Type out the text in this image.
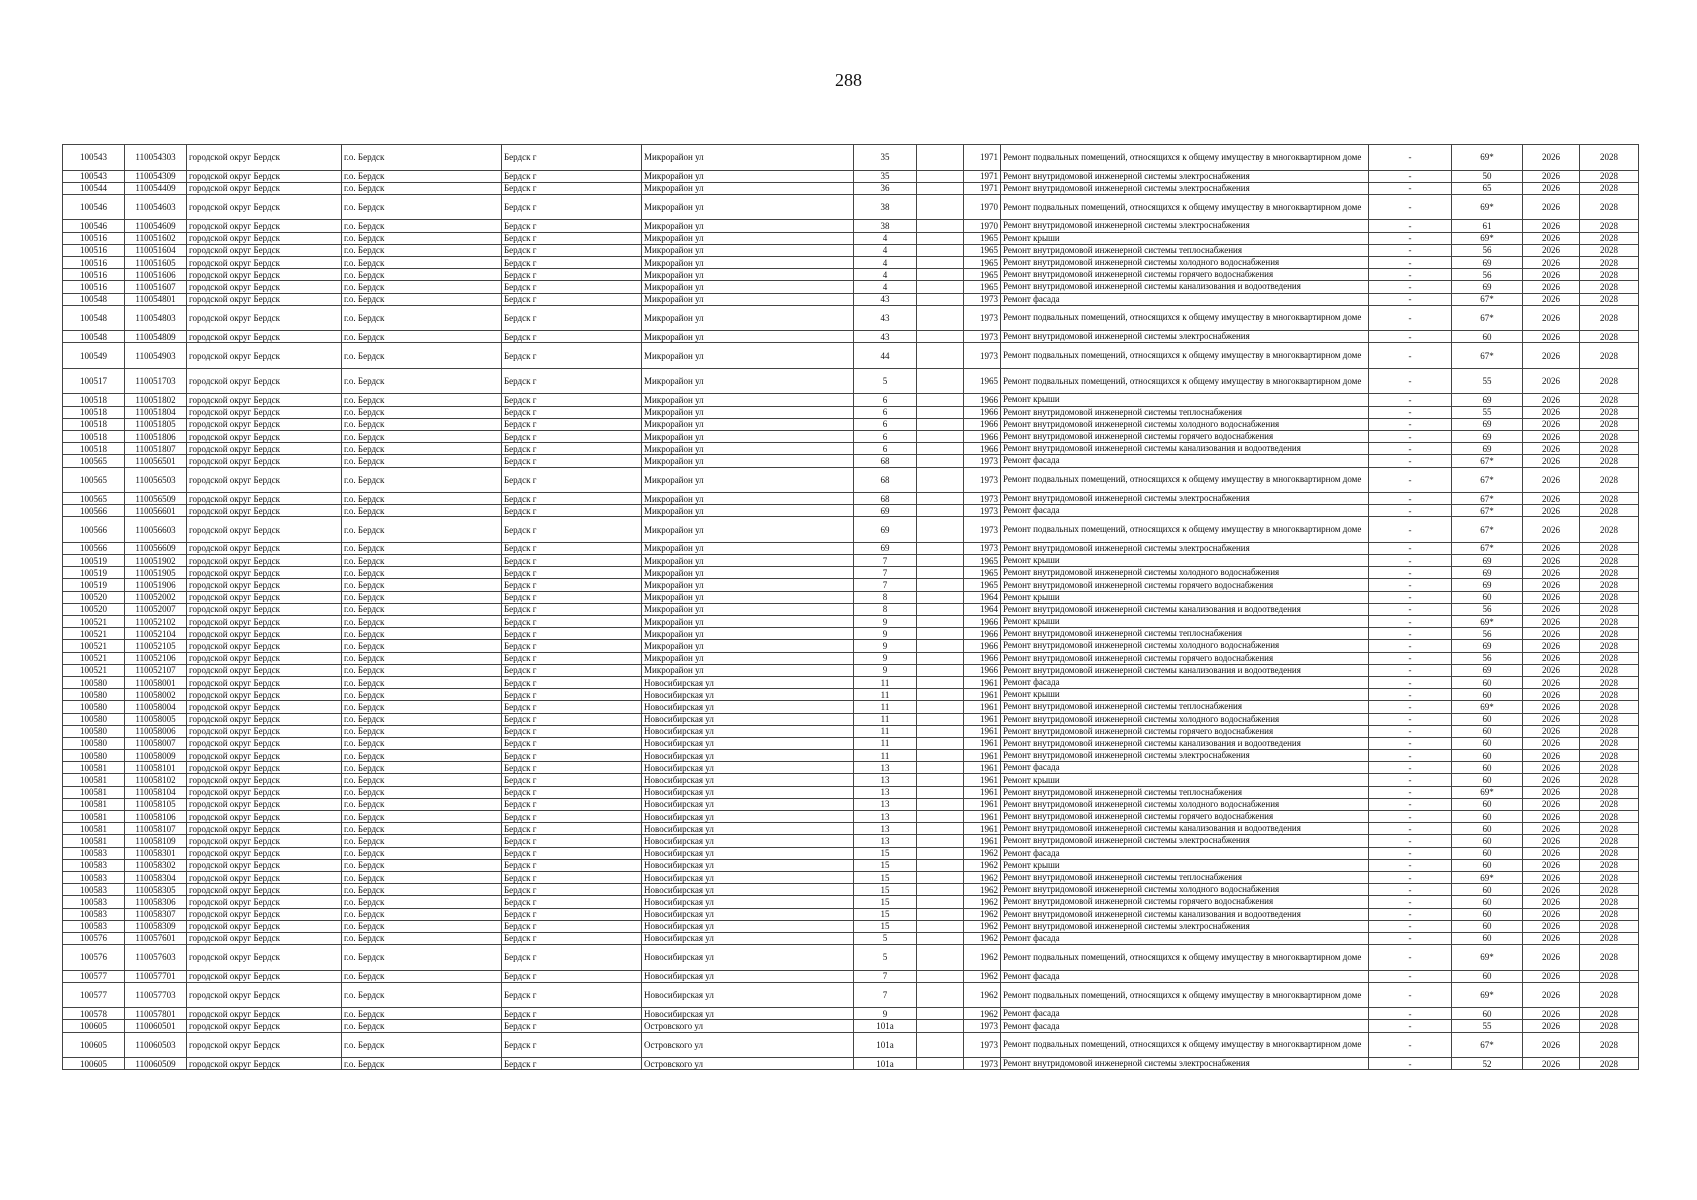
288
100543	110054303	городской округ Бердск	г.о. Бердск	Бердск г	Микрорайон ул	35		1971	Ремонт подвальных помещений, относящихся к общему имуществу в многоквартирном доме	-	69*	2026	2028
100543	110054309	городской округ Бердск	г.о. Бердск	Бердск г	Микрорайон ул	35		1971	Ремонт внутридомовой инженерной системы электроснабжения	-	50	2026	2028
100544	110054409	городской округ Бердск	г.о. Бердск	Бердск г	Микрорайон ул	36		1971	Ремонт внутридомовой инженерной системы электроснабжения	-	65	2026	2028
100546	110054603	городской округ Бердск	г.о. Бердск	Бердск г	Микрорайон ул	38		1970	Ремонт подвальных помещений, относящихся к общему имуществу в многоквартирном доме	-	69*	2026	2028
100546	110054609	городской округ Бердск	г.о. Бердск	Бердск г	Микрорайон ул	38		1970	Ремонт внутридомовой инженерной системы электроснабжения	-	61	2026	2028
100516	110051602	городской округ Бердск	г.о. Бердск	Бердск г	Микрорайон ул	4		1965	Ремонт крыши	-	69*	2026	2028
100516	110051604	городской округ Бердск	г.о. Бердск	Бердск г	Микрорайон ул	4		1965	Ремонт внутридомовой инженерной системы теплоснабжения	-	56	2026	2028
100516	110051605	городской округ Бердск	г.о. Бердск	Бердск г	Микрорайон ул	4		1965	Ремонт внутридомовой инженерной системы холодного водоснабжения	-	69	2026	2028
100516	110051606	городской округ Бердск	г.о. Бердск	Бердск г	Микрорайон ул	4		1965	Ремонт внутридомовой инженерной системы горячего водоснабжения	-	56	2026	2028
100516	110051607	городской округ Бердск	г.о. Бердск	Бердск г	Микрорайон ул	4		1965	Ремонт внутридомовой инженерной системы канализования и водоотведения	-	69	2026	2028
100548	110054801	городской округ Бердск	г.о. Бердск	Бердск г	Микрорайон ул	43		1973	Ремонт фасада	-	67*	2026	2028
100548	110054803	городской округ Бердск	г.о. Бердск	Бердск г	Микрорайон ул	43		1973	Ремонт подвальных помещений, относящихся к общему имуществу в многоквартирном доме	-	67*	2026	2028
100548	110054809	городской округ Бердск	г.о. Бердск	Бердск г	Микрорайон ул	43		1973	Ремонт внутридомовой инженерной системы электроснабжения	-	60	2026	2028
100549	110054903	городской округ Бердск	г.о. Бердск	Бердск г	Микрорайон ул	44		1973	Ремонт подвальных помещений, относящихся к общему имуществу в многоквартирном доме	-	67*	2026	2028
100517	110051703	городской округ Бердск	г.о. Бердск	Бердск г	Микрорайон ул	5		1965	Ремонт подвальных помещений, относящихся к общему имуществу в многоквартирном доме	-	55	2026	2028
100518	110051802	городской округ Бердск	г.о. Бердск	Бердск г	Микрорайон ул	6		1966	Ремонт крыши	-	69	2026	2028
100518	110051804	городской округ Бердск	г.о. Бердск	Бердск г	Микрорайон ул	6		1966	Ремонт внутридомовой инженерной системы теплоснабжения	-	55	2026	2028
100518	110051805	городской округ Бердск	г.о. Бердск	Бердск г	Микрорайон ул	6		1966	Ремонт внутридомовой инженерной системы холодного водоснабжения	-	69	2026	2028
100518	110051806	городской округ Бердск	г.о. Бердск	Бердск г	Микрорайон ул	6		1966	Ремонт внутридомовой инженерной системы горячего водоснабжения	-	69	2026	2028
100518	110051807	городской округ Бердск	г.о. Бердск	Бердск г	Микрорайон ул	6		1966	Ремонт внутридомовой инженерной системы канализования и водоотведения	-	69	2026	2028
100565	110056501	городской округ Бердск	г.о. Бердск	Бердск г	Микрорайон ул	68		1973	Ремонт фасада	-	67*	2026	2028
100565	110056503	городской округ Бердск	г.о. Бердск	Бердск г	Микрорайон ул	68		1973	Ремонт подвальных помещений, относящихся к общему имуществу в многоквартирном доме	-	67*	2026	2028
100565	110056509	городской округ Бердск	г.о. Бердск	Бердск г	Микрорайон ул	68		1973	Ремонт внутридомовой инженерной системы электроснабжения	-	67*	2026	2028
100566	110056601	городской округ Бердск	г.о. Бердск	Бердск г	Микрорайон ул	69		1973	Ремонт фасада	-	67*	2026	2028
100566	110056603	городской округ Бердск	г.о. Бердск	Бердск г	Микрорайон ул	69		1973	Ремонт подвальных помещений, относящихся к общему имуществу в многоквартирном доме	-	67*	2026	2028
100566	110056609	городской округ Бердск	г.о. Бердск	Бердск г	Микрорайон ул	69		1973	Ремонт внутридомовой инженерной системы электроснабжения	-	67*	2026	2028
100519	110051902	городской округ Бердск	г.о. Бердск	Бердск г	Микрорайон ул	7		1965	Ремонт крыши	-	69	2026	2028
100519	110051905	городской округ Бердск	г.о. Бердск	Бердск г	Микрорайон ул	7		1965	Ремонт внутридомовой инженерной системы холодного водоснабжения	-	69	2026	2028
100519	110051906	городской округ Бердск	г.о. Бердск	Бердск г	Микрорайон ул	7		1965	Ремонт внутридомовой инженерной системы горячего водоснабжения	-	69	2026	2028
100520	110052002	городской округ Бердск	г.о. Бердск	Бердск г	Микрорайон ул	8		1964	Ремонт крыши	-	60	2026	2028
100520	110052007	городской округ Бердск	г.о. Бердск	Бердск г	Микрорайон ул	8		1964	Ремонт внутридомовой инженерной системы канализования и водоотведения	-	56	2026	2028
100521	110052102	городской округ Бердск	г.о. Бердск	Бердск г	Микрорайон ул	9		1966	Ремонт крыши	-	69*	2026	2028
100521	110052104	городской округ Бердск	г.о. Бердск	Бердск г	Микрорайон ул	9		1966	Ремонт внутридомовой инженерной системы теплоснабжения	-	56	2026	2028
100521	110052105	городской округ Бердск	г.о. Бердск	Бердск г	Микрорайон ул	9		1966	Ремонт внутридомовой инженерной системы холодного водоснабжения	-	69	2026	2028
100521	110052106	городской округ Бердск	г.о. Бердск	Бердск г	Микрорайон ул	9		1966	Ремонт внутридомовой инженерной системы горячего водоснабжения	-	56	2026	2028
100521	110052107	городской округ Бердск	г.о. Бердск	Бердск г	Микрорайон ул	9		1966	Ремонт внутридомовой инженерной системы канализования и водоотведения	-	69	2026	2028
100580	110058001	городской округ Бердск	г.о. Бердск	Бердск г	Новосибирская ул	11		1961	Ремонт фасада	-	60	2026	2028
100580	110058002	городской округ Бердск	г.о. Бердск	Бердск г	Новосибирская ул	11		1961	Ремонт крыши	-	60	2026	2028
100580	110058004	городской округ Бердск	г.о. Бердск	Бердск г	Новосибирская ул	11		1961	Ремонт внутридомовой инженерной системы теплоснабжения	-	69*	2026	2028
100580	110058005	городской округ Бердск	г.о. Бердск	Бердск г	Новосибирская ул	11		1961	Ремонт внутридомовой инженерной системы холодного водоснабжения	-	60	2026	2028
100580	110058006	городской округ Бердск	г.о. Бердск	Бердск г	Новосибирская ул	11		1961	Ремонт внутридомовой инженерной системы горячего водоснабжения	-	60	2026	2028
100580	110058007	городской округ Бердск	г.о. Бердск	Бердск г	Новосибирская ул	11		1961	Ремонт внутридомовой инженерной системы канализования и водоотведения	-	60	2026	2028
100580	110058009	городской округ Бердск	г.о. Бердск	Бердск г	Новосибирская ул	11		1961	Ремонт внутридомовой инженерной системы электроснабжения	-	60	2026	2028
100581	110058101	городской округ Бердск	г.о. Бердск	Бердск г	Новосибирская ул	13		1961	Ремонт фасада	-	60	2026	2028
100581	110058102	городской округ Бердск	г.о. Бердск	Бердск г	Новосибирская ул	13		1961	Ремонт крыши	-	60	2026	2028
100581	110058104	городской округ Бердск	г.о. Бердск	Бердск г	Новосибирская ул	13		1961	Ремонт внутридомовой инженерной системы теплоснабжения	-	69*	2026	2028
100581	110058105	городской округ Бердск	г.о. Бердск	Бердск г	Новосибирская ул	13		1961	Ремонт внутридомовой инженерной системы холодного водоснабжения	-	60	2026	2028
100581	110058106	городской округ Бердск	г.о. Бердск	Бердск г	Новосибирская ул	13		1961	Ремонт внутридомовой инженерной системы горячего водоснабжения	-	60	2026	2028
100581	110058107	городской округ Бердск	г.о. Бердск	Бердск г	Новосибирская ул	13		1961	Ремонт внутридомовой инженерной системы канализования и водоотведения	-	60	2026	2028
100581	110058109	городской округ Бердск	г.о. Бердск	Бердск г	Новосибирская ул	13		1961	Ремонт внутридомовой инженерной системы электроснабжения	-	60	2026	2028
100583	110058301	городской округ Бердск	г.о. Бердск	Бердск г	Новосибирская ул	15		1962	Ремонт фасада	-	60	2026	2028
100583	110058302	городской округ Бердск	г.о. Бердск	Бердск г	Новосибирская ул	15		1962	Ремонт крыши	-	60	2026	2028
100583	110058304	городской округ Бердск	г.о. Бердск	Бердск г	Новосибирская ул	15		1962	Ремонт внутридомовой инженерной системы теплоснабжения	-	69*	2026	2028
100583	110058305	городской округ Бердск	г.о. Бердск	Бердск г	Новосибирская ул	15		1962	Ремонт внутридомовой инженерной системы холодного водоснабжения	-	60	2026	2028
100583	110058306	городской округ Бердск	г.о. Бердск	Бердск г	Новосибирская ул	15		1962	Ремонт внутридомовой инженерной системы горячего водоснабжения	-	60	2026	2028
100583	110058307	городской округ Бердск	г.о. Бердск	Бердск г	Новосибирская ул	15		1962	Ремонт внутридомовой инженерной системы канализования и водоотведения	-	60	2026	2028
100583	110058309	городской округ Бердск	г.о. Бердск	Бердск г	Новосибирская ул	15		1962	Ремонт внутридомовой инженерной системы электроснабжения	-	60	2026	2028
100576	110057601	городской округ Бердск	г.о. Бердск	Бердск г	Новосибирская ул	5		1962	Ремонт фасада	-	60	2026	2028
100576	110057603	городской округ Бердск	г.о. Бердск	Бердск г	Новосибирская ул	5		1962	Ремонт подвальных помещений, относящихся к общему имуществу в многоквартирном доме	-	69*	2026	2028
100577	110057701	городской округ Бердск	г.о. Бердск	Бердск г	Новосибирская ул	7		1962	Ремонт фасада	-	60	2026	2028
100577	110057703	городской округ Бердск	г.о. Бердск	Бердск г	Новосибирская ул	7		1962	Ремонт подвальных помещений, относящихся к общему имуществу в многоквартирном доме	-	69*	2026	2028
100578	110057801	городской округ Бердск	г.о. Бердск	Бердск г	Новосибирская ул	9		1962	Ремонт фасада	-	60	2026	2028
100605	110060501	городской округ Бердск	г.о. Бердск	Бердск г	Островского ул	101а		1973	Ремонт фасада	-	55	2026	2028
100605	110060503	городской округ Бердск	г.о. Бердск	Бердск г	Островского ул	101а		1973	Ремонт подвальных помещений, относящихся к общему имуществу в многоквартирном доме	-	67*	2026	2028
100605	110060509	городской округ Бердск	г.о. Бердск	Бердск г	Островского ул	101а		1973	Ремонт внутридомовой инженерной системы электроснабжения	-	52	2026	2028
